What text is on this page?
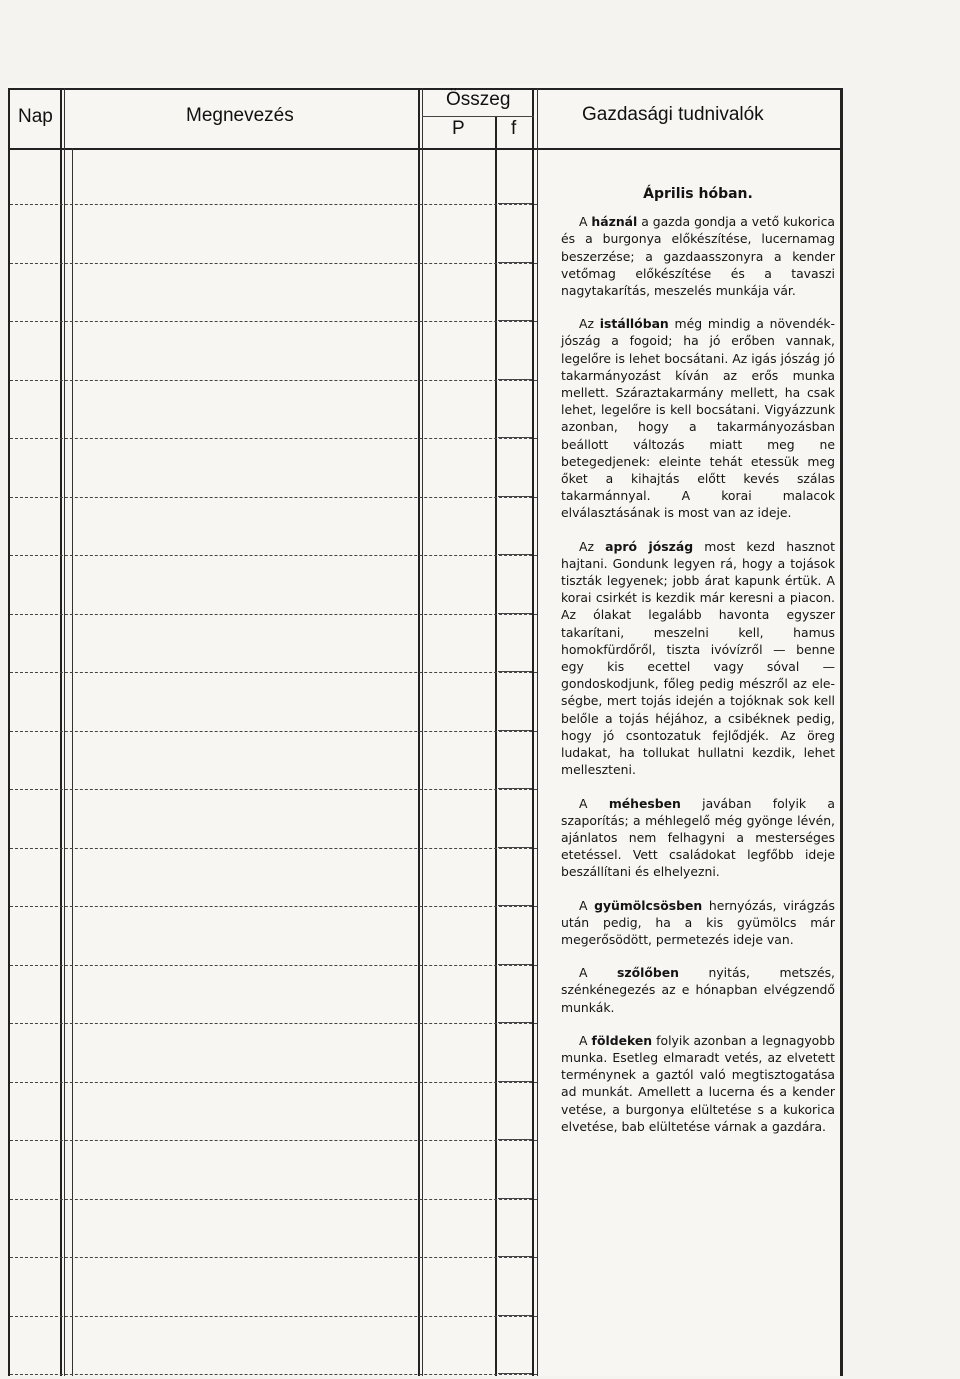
Nap	Megnevezés
Összeg
P f
Gazdasági tudnivalók
Április hóban.

A háznál a gazda gondja a vető kukorica és a burgonya előkészítése, lucernamag beszerzése; a gazdaasszonyra a kender vetőmag előkészítése és a tavaszi nagytakarítás, meszelés munkája vár.

Az istállóban még mindig a növendék-jószág a fogoid; ha jó erőben vannak, legelőre is lehet bocsátani. Az igás jószág jó takarmányozást kíván az erős munka mellett. Száraztakarmány mellett, ha csak lehet, legelőre is kell bocsátani. Vigyázzunk azonban, hogy a takarmányozásban beállott változás miatt meg ne betegedjenek: eleinte tehát etessük meg őket a kihajtás előtt kevés szálas takarmánnyal. A korai malacok elválasztásának is most van az ideje.

Az apró jószág most kezd hasznot hajtani. Gondunk legyen rá, hogy a tojások tiszták legyenek; jobb árat kapunk értük. A korai csirkét is kezdik már keresni a piacon. Az ólakat legalább havonta egyszer takarítani, meszelni kell, hamus homokfürdőről, tiszta ivóvízről — benne egy kis ecettel vagy sóval — gondoskodjunk, főleg pedig mészről az ele-ségbe, mert tojás idején a tojóknak sok kell belőle a tojás héjához, a csibéknek pedig, hogy jó csontozatuk fejlődjék. Az öreg ludakat, ha tollukat hullatni kezdik, lehet melleszteni.

A méhesben javában folyik a szaporítás; a méhlegelő még gyönge lévén, ajánlatos nem felhagyni a mesterséges etetéssel. Vett családokat legfőbb ideje beszállítani és elhelyezni.

A gyümölcsösben hernyózás, virágzás után pedig, ha a kis gyümölcs már megerősödött, permetezés ideje van.

A szőlőben nyitás, metszés, szénkénegezés az e hónapban elvégzendő munkák.

A földeken folyik azonban a legnagyobb munka. Esetleg elmaradt vetés, az elvetett terménynek a gaztól való megtisztogatása ad munkát. Amellett a lucerna és a kender vetése, a burgonya elültetése s a kukorica elvetése, bab elültetése várnak a gazdára.
